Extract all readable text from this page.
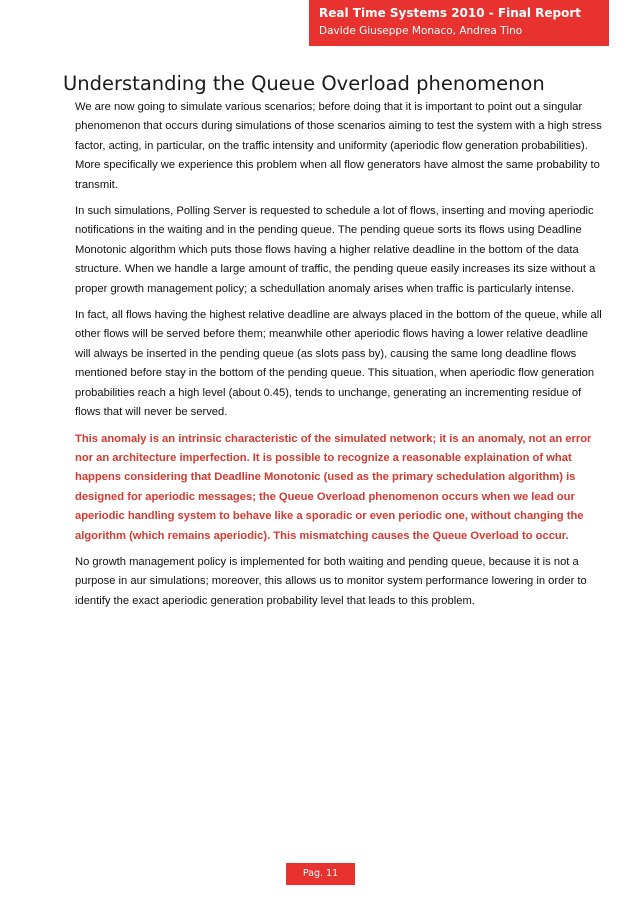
Real Time Systems 2010 - Final Report
Davide Giuseppe Monaco, Andrea Tino
Understanding the Queue Overload phenomenon

We are now going to simulate various scenarios; before doing that it is important to point out a singular phenomenon that occurs during simulations of those scenarios aiming to test the system with a high stress factor, acting, in particular, on the traffic intensity and uniformity (aperiodic flow generation probabilities). More specifically we experience this problem when all flow generators have almost the same probability to transmit.

In such simulations, Polling Server is requested to schedule a lot of flows, inserting and moving aperiodic notifications in the waiting and in the pending queue. The pending queue sorts its flows using Deadline Monotonic algorithm which puts those flows having a higher relative deadline in the bottom of the data structure. When we handle a large amount of traffic, the pending queue easily increases its size without a proper growth management policy; a schedullation anomaly arises when traffic is particularly intense.

In fact, all flows having the highest relative deadline are always placed in the bottom of the queue, while all other flows will be served before them; meanwhile other aperiodic flows having a lower relative deadline will always be inserted in the pending queue (as slots pass by), causing the same long deadline flows mentioned before stay in the bottom of the pending queue. This situation, when aperiodic flow generation probabilities reach a high level (about 0.45), tends to unchange, generating an incrementing residue of flows that will never be served.

This anomaly is an intrinsic characteristic of the simulated network; it is an anomaly, not an error nor an architecture imperfection. It is possible to recognize a reasonable explaination of what happens considering that Deadline Monotonic (used as the primary schedulation algorithm) is designed for aperiodic messages; the Queue Overload phenomenon occurs when we lead our aperiodic handling system to behave like a sporadic or even periodic one, without changing the algorithm (which remains aperiodic). This mismatching causes the Queue Overload to occur.

No growth management policy is implemented for both waiting and pending queue, because it is not a purpose in aur simulations; moreover, this allows us to monitor system performance lowering in order to identify the exact aperiodic generation probability level that leads to this problem.

Pag. 11
